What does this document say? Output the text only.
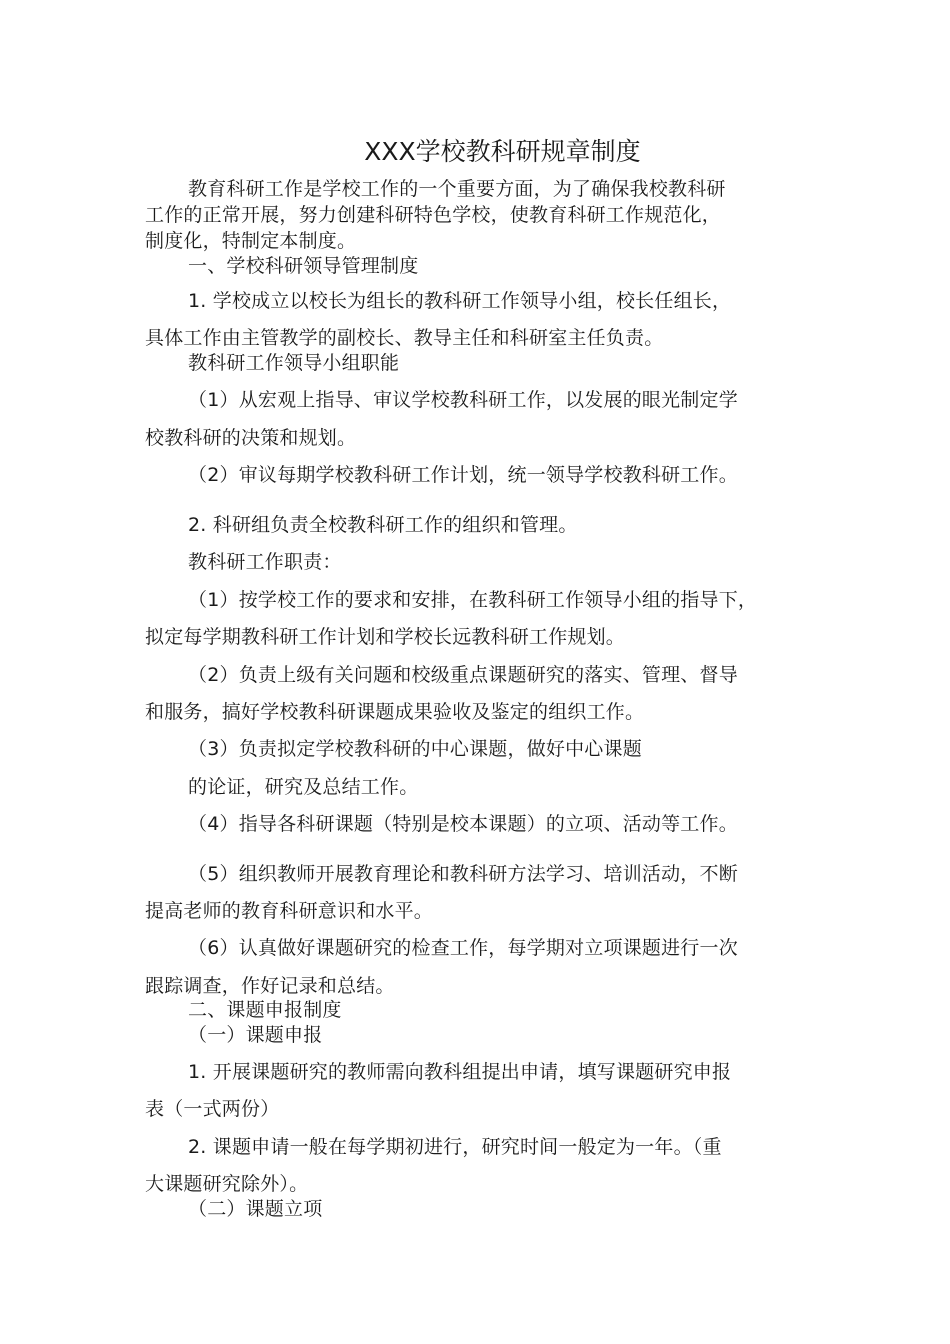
XXX学校教科研规章制度
教育科研工作是学校工作的一个重要方面，为了确保我校教科研
工作的正常开展，努力创建科研特色学校，使教育科研工作规范化，
制度化，特制定本制度。
一、学校科研领导管理制度
1. 学校成立以校长为组长的教科研工作领导小组，校长任组长，
具体工作由主管教学的副校长、教导主任和科研室主任负责。
教科研工作领导小组职能
（1）从宏观上指导、审议学校教科研工作，以发展的眼光制定学
校教科研的决策和规划。
（2）审议每期学校教科研工作计划，统一领导学校教科研工作。
2. 科研组负责全校教科研工作的组织和管理。
教科研工作职责：
（1）按学校工作的要求和安排，在教科研工作领导小组的指导下，
拟定每学期教科研工作计划和学校长远教科研工作规划。
（2）负责上级有关问题和校级重点课题研究的落实、管理、督导
和服务，搞好学校教科研课题成果验收及鉴定的组织工作。
（3）负责拟定学校教科研的中心课题，做好中心课题
的论证，研究及总结工作。
（4）指导各科研课题（特别是校本课题）的立项、活动等工作。
（5）组织教师开展教育理论和教科研方法学习、培训活动，不断
提高老师的教育科研意识和水平。
（6）认真做好课题研究的检查工作，每学期对立项课题进行一次
跟踪调查，作好记录和总结。
二、课题申报制度
（一）课题申报
1. 开展课题研究的教师需向教科组提出申请，填写课题研究申报
表（一式两份）
2. 课题申请一般在每学期初进行，研究时间一般定为一年。（重
大课题研究除外）。
（二）课题立项
